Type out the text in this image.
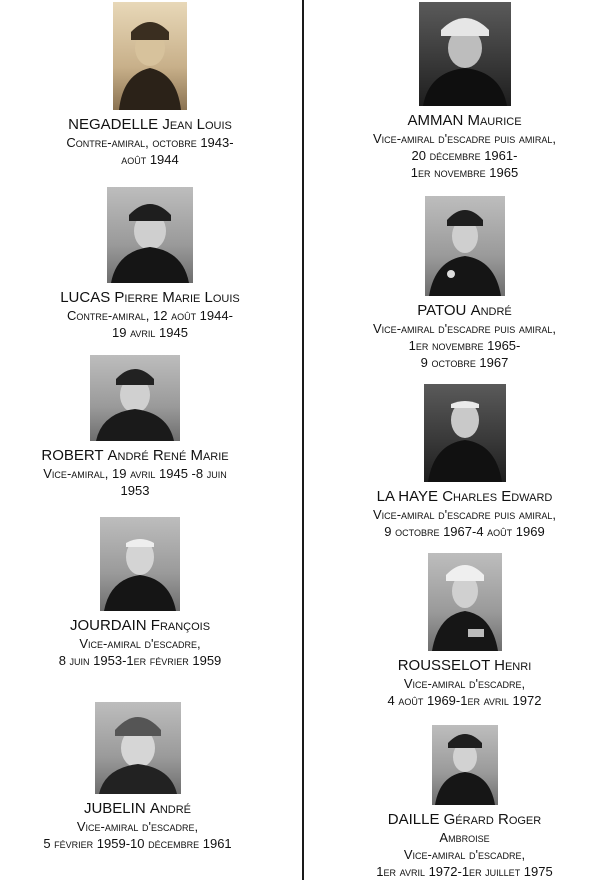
NEGADELLE Jean Louis
Contre-amiral, octobre 1943-
août 1944
LUCAS Pierre Marie Louis
Contre-amiral, 12 août 1944-
19 avril 1945
ROBERT André René Marie
Vice-amiral, 19 avril 1945 -8 juin
1953
JOURDAIN François
Vice-amiral d'escadre,
8 juin 1953-1er février 1959
JUBELIN André
Vice-amiral d'escadre,
5 février 1959-10 décembre 1961
AMMAN Maurice
Vice-amiral d'escadre puis amiral,
20 décembre 1961-
1er novembre 1965
PATOU André
Vice-amiral d'escadre puis amiral,
1er novembre 1965-
9 octobre 1967
LA HAYE Charles Edward
Vice-amiral d'escadre puis amiral,
9 octobre 1967-4 août 1969
ROUSSELOT Henri
Vice-amiral d'escadre,
4 août 1969-1er avril 1972
DAILLE Gérard Roger
Ambroise
Vice-amiral d'escadre,
1er avril 1972-1er juillet 1975
